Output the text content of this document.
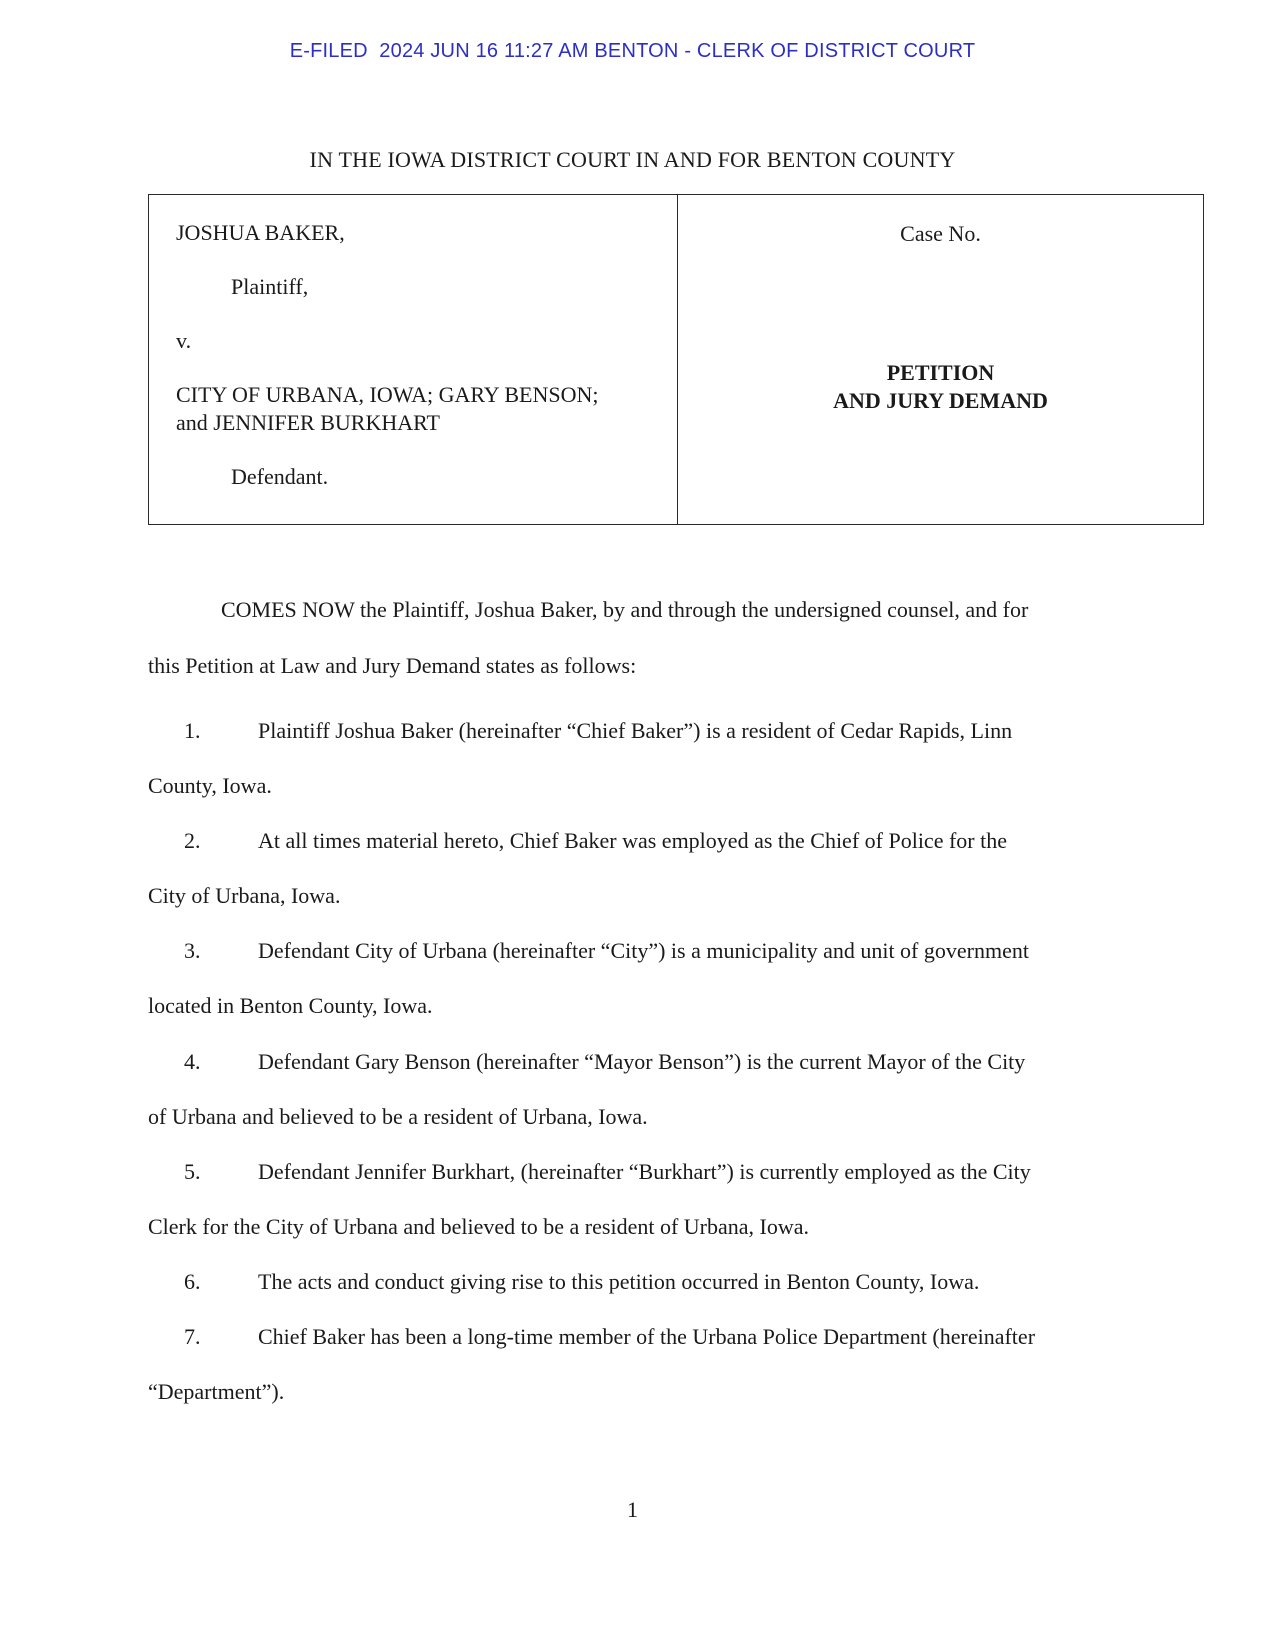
E-FILED  2024 JUN 16 11:27 AM BENTON - CLERK OF DISTRICT COURT
IN THE IOWA DISTRICT COURT IN AND FOR BENTON COUNTY
JOSHUA BAKER,
Plaintiff,
v.
CITY OF URBANA, IOWA; GARY BENSON;
and JENNIFER BURKHART
Defendant.
Case No.
PETITION
AND JURY DEMAND
COMES NOW the Plaintiff, Joshua Baker, by and through the undersigned counsel, and for
this Petition at Law and Jury Demand states as follows:
1.	Plaintiff Joshua Baker (hereinafter “Chief Baker”) is a resident of Cedar Rapids, Linn
County, Iowa.
2.	At all times material hereto, Chief Baker was employed as the Chief of Police for the
City of Urbana, Iowa.
3.	Defendant City of Urbana (hereinafter “City”) is a municipality and unit of government
located in Benton County, Iowa.
4.	Defendant Gary Benson (hereinafter “Mayor Benson”) is the current Mayor of the City
of Urbana and believed to be a resident of Urbana, Iowa.
5.	Defendant Jennifer Burkhart, (hereinafter “Burkhart”) is currently employed as the City
Clerk for the City of Urbana and believed to be a resident of Urbana, Iowa.
6.	The acts and conduct giving rise to this petition occurred in Benton County, Iowa.
7.	Chief Baker has been a long-time member of the Urbana Police Department (hereinafter
“Department”).
1
